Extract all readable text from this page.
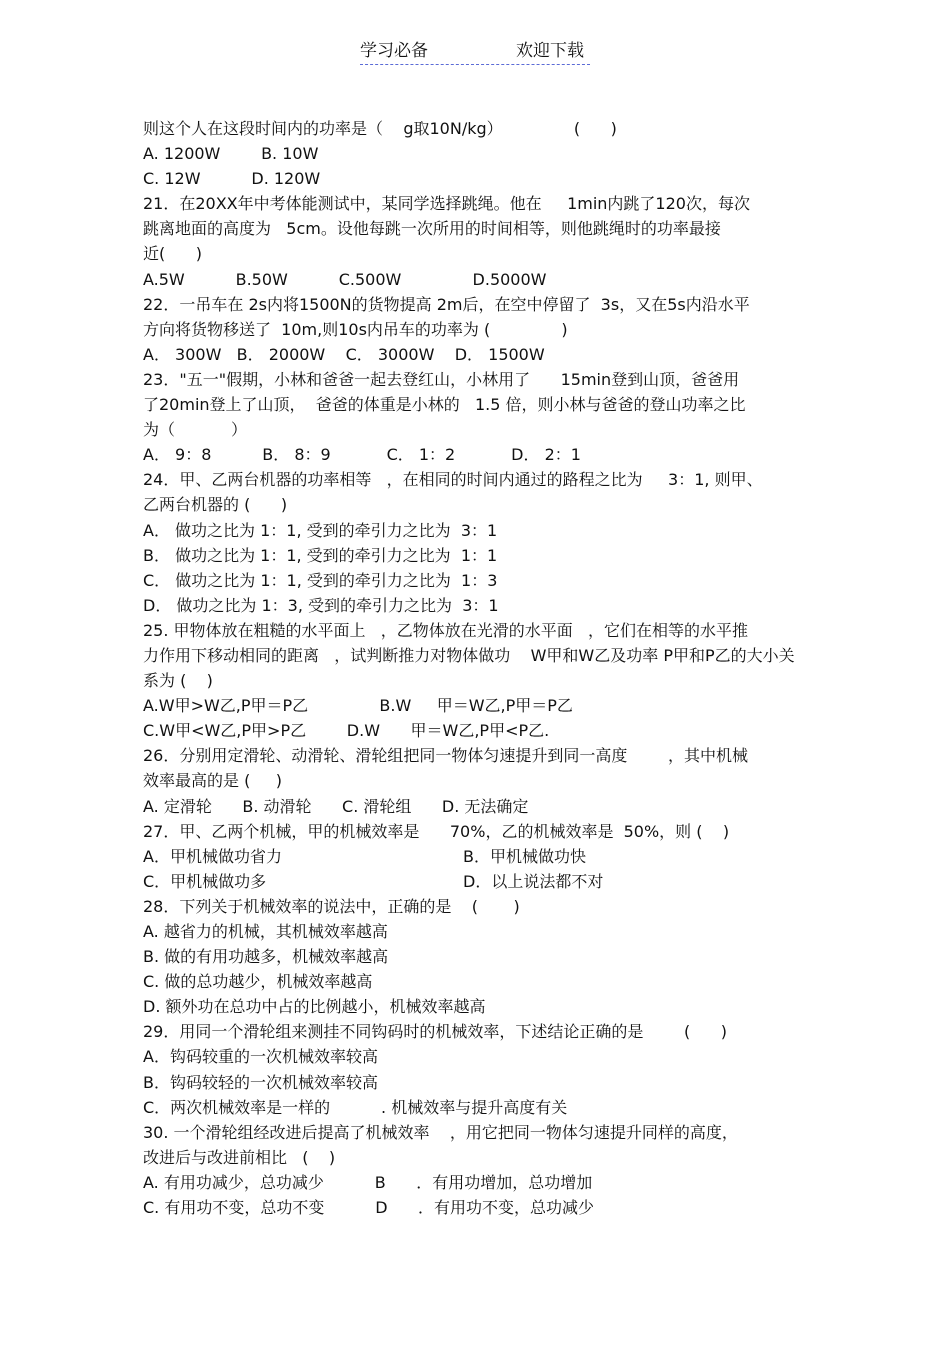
学习必备	欢迎下载
则这个人在这段时间内的功率是（    g取10N/kg）              (      )
A. 1200W        B. 10W
C. 12W          D. 120W
21．在20XX年中考体能测试中，某同学选择跳绳。他在     1min内跳了120次，每次
跳离地面的高度为   5cm。设他每跳一次所用的时间相等，则他跳绳时的功率最接
近(      )
A.5W          B.50W          C.500W              D.5000W
22．一吊车在 2s内将1500N的货物提高 2m后，在空中停留了  3s，又在5s内沿水平
方向将货物移送了  10m,则10s内吊车的功率为 (              )
A． 300W   B． 2000W    C． 3000W    D． 1500W
23．"五一"假期，小林和爸爸一起去登红山，小林用了      15min登到山顶，爸爸用
了20min登上了山顶，  爸爸的体重是小林的   1.5 倍，则小林与爸爸的登山功率之比
为（           ）
A． 9：8          B． 8：9           C． 1：2           D． 2：1
24．甲、乙两台机器的功率相等   ，在相同的时间内通过的路程之比为     3：1, 则甲、
乙两台机器的 (      )
A． 做功之比为 1：1, 受到的牵引力之比为  3：1
B． 做功之比为 1：1, 受到的牵引力之比为  1：1
C． 做功之比为 1：1, 受到的牵引力之比为  1：3
D． 做功之比为 1：3, 受到的牵引力之比为  3：1
25. 甲物体放在粗糙的水平面上   ，乙物体放在光滑的水平面   ，它们在相等的水平推
力作用下移动相同的距离   ，试判断推力对物体做功    W甲和W乙及功率 P甲和P乙的大小关
系为 (    )
A.W甲>W乙,P甲＝P乙              B.W     甲＝W乙,P甲＝P乙
C.W甲<W乙,P甲>P乙        D.W      甲＝W乙,P甲<P乙.
26．分别用定滑轮、动滑轮、滑轮组把同一物体匀速提升到同一高度        ，其中机械
效率最高的是 (     )
A. 定滑轮      B. 动滑轮      C. 滑轮组      D. 无法确定
27．甲、乙两个机械，甲的机械效率是      70%，乙的机械效率是  50%，则 (    )
A．甲机械做功省力	B．甲机械做功快
C．甲机械做功多	D．以上说法都不对
28．下列关于机械效率的说法中，正确的是    (       )
A. 越省力的机械，其机械效率越高
B. 做的有用功越多，机械效率越高
C. 做的总功越少，机械效率越高
D. 额外功在总功中占的比例越小，机械效率越高
29．用同一个滑轮组来测挂不同钩码时的机械效率，下述结论正确的是        (      )
A．钩码较重的一次机械效率较高
B．钩码较轻的一次机械效率较高
C．两次机械效率是一样的          . 机械效率与提升高度有关
30. 一个滑轮组经改进后提高了机械效率    ，用它把同一物体匀速提升同样的高度，
改进后与改进前相比   (    )
A. 有用功减少，总功减少          B      ．有用功增加，总功增加
C. 有用功不变，总功不变          D      ．有用功不变，总功减少
